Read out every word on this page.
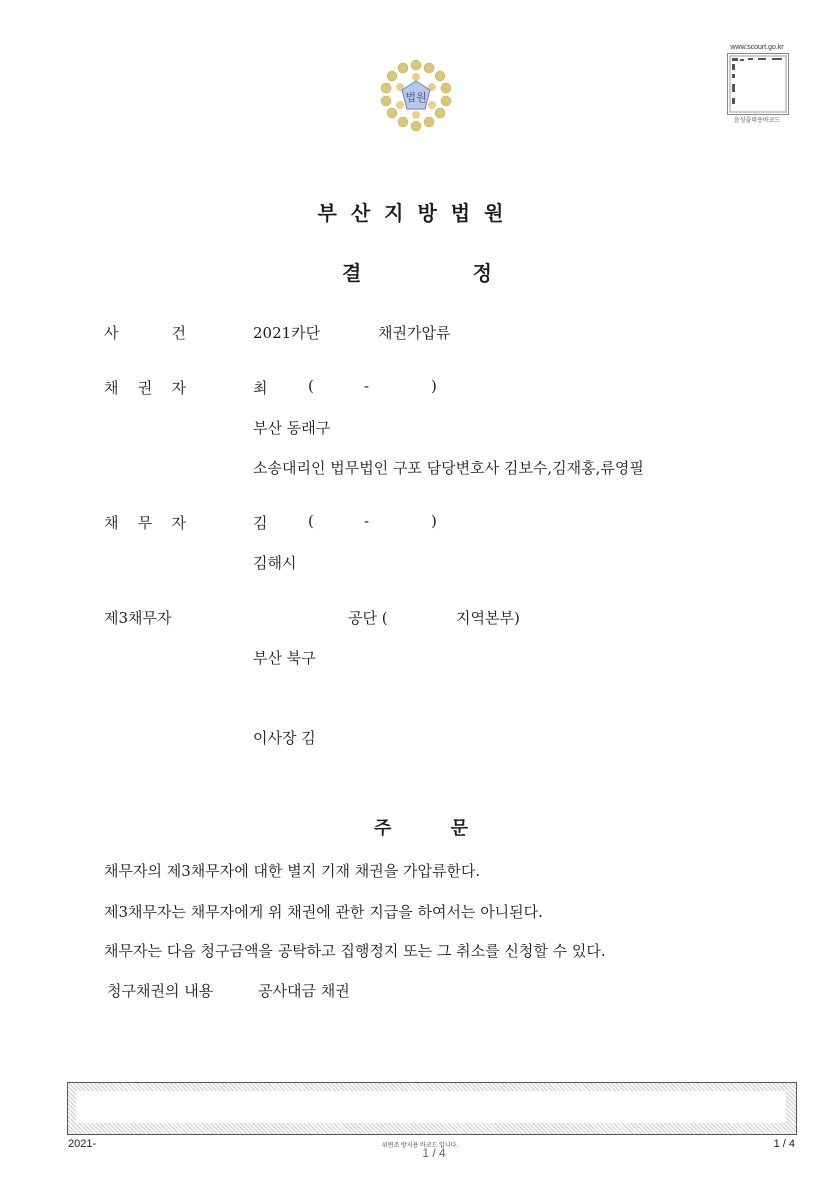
법원
www.scourt.go.kr
음성출력용바코드
부산지방법원
결	정
사	건	2021카단	채권가압류
채 권 자	최	(	-	)
부산 동래구
소송대리인 법무법인 구포 담당변호사 김보수,김재홍,류영필
채 무 자	김	(	-	)
김해시
제3채무자	공단 (	지역본부)
부산 북구
이사장 김
주	문
채무자의 제3채무자에 대한 별지 기재 채권을 가압류한다.
제3채무자는 채무자에게 위 채권에 관한 지급을 하여서는 아니된다.
채무자는 다음 청구금액을 공탁하고 집행정지 또는 그 취소를 신청할 수 있다.
청구채권의 내용	공사대금 채권
2021-	위변조 방지용 바코드 입니다.
1 / 4
1 / 4
